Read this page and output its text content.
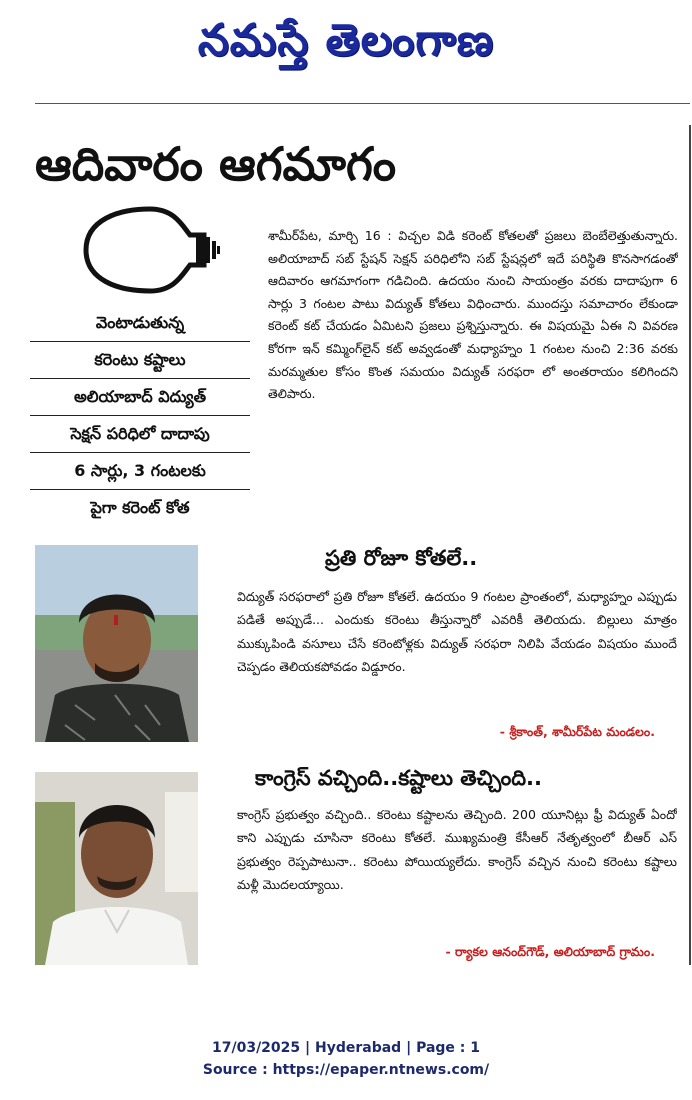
నమస్తే తెలంగాణ
ఆదివారం ఆగమాగం
వెంటాడుతున్న
కరెంటు కష్టాలు
అలియాబాద్ విద్యుత్
సెక్షన్ పరిధిలో దాదాపు
6 సార్లు, 3 గంటలకు
పైగా కరెంట్ కోత
శామీర్‌పేట, మార్చి 16 : విచ్చల విడి కరెంట్ కోతలతో ప్రజలు బెంబేలెత్తుతున్నారు. అలియాబాద్ సబ్ స్టేషన్ సెక్షన్ పరిధిలోని సబ్ స్టేషన్లలో ఇదే పరిస్థితి కొనసాగడంతో ఆదివారం ఆగమాగంగా గడిచింది. ఉదయం నుంచి సాయంత్రం వరకు దాదాపుగా 6 సార్లు 3 గంటల పాటు విద్యుత్ కోతలు విధించారు. ముందస్తు సమాచారం లేకుండా కరెంట్ కట్ చేయడం ఏమిటని ప్రజలు ప్రశ్నిస్తున్నారు. ఈ విషయమై ఏఈ ని వివరణ కోరగా ఇన్ కమ్మింగ్‌లైన్ కట్ అవ్వడంతో మధ్యాహ్నం 1 గంటల నుంచి 2:36 వరకు మరమ్మతుల కోసం కొంత సమయం విద్యుత్ సరఫరా లో అంతరాయం కలిగిందని తెలిపారు.
ప్రతి రోజూ కోతలే..
విద్యుత్ సరఫరాలో ప్రతి రోజూ కోతలే. ఉదయం 9 గంటల ప్రాంతంలో, మధ్యాహ్నం ఎప్పుడు పడితే అప్పుడే... ఎందుకు కరెంటు తీస్తున్నారో ఎవరికీ తెలియదు. బిల్లులు మాత్రం ముక్కుపిండి వసూలు చేసే కరెంటోళ్లకు విద్యుత్ సరఫరా నిలిపి వేయడం విషయం ముందే చెప్పడం తెలియకపోవడం విడ్డూరం.
- శ్రీకాంత్, శామీర్‌పేట మండలం.
కాంగ్రెస్ వచ్చింది..కష్టాలు తెచ్చింది..
కాంగ్రెస్ ప్రభుత్వం వచ్చింది.. కరెంటు కష్టాలను తెచ్చింది. 200 యూనిట్లు ఫ్రీ విద్యుత్ ఏందో కాని ఎప్పుడు చూసినా కరెంటు కోతలే. ముఖ్యమంత్రి కేసీఆర్ నేతృత్వంలో బీఆర్ ఎస్ ప్రభుత్వం రెప్పపాటునా.. కరెంటు పోయియ్యలేదు. కాంగ్రెస్ వచ్చిన నుంచి కరెంటు కష్టాలు మళ్లీ మొదలయ్యాయి.
- ర్యాకల ఆనంద్‌గౌడ్, అలియాబాద్ గ్రామం.
17/03/2025 | Hyderabad | Page : 1
Source : https://epaper.ntnews.com/
